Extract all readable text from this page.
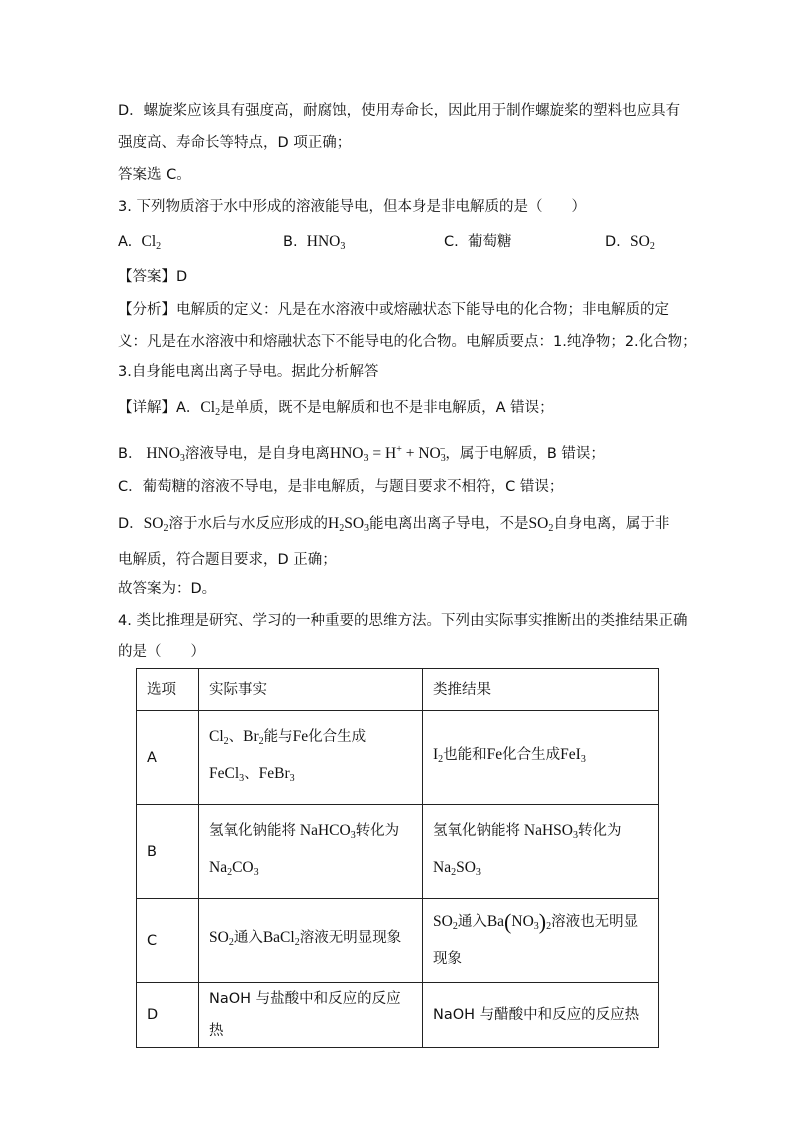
D．螺旋桨应该具有强度高，耐腐蚀，使用寿命长，因此用于制作螺旋桨的塑料也应具有
强度高、寿命长等特点，D 项正确；
答案选 C。
3. 下列物质溶于水中形成的溶液能导电，但本身是非电解质的是（　　）
A. $Cl_2$	B. $HNO_3$	C. 葡萄糖	D. $SO_2$
【答案】D
【分析】电解质的定义：凡是在水溶液中或熔融状态下能导电的化合物；非电解质的定
义：凡是在水溶液中和熔融状态下不能导电的化合物。电解质要点：1.纯净物；2.化合物；
3.自身能电离出离子导电。据此分析解答
【详解】A．$Cl_2$是单质，既不是电解质和也不是非电解质，A 错误；
B． $HNO_3$溶液导电，是自身电离$HNO_3 = H^+ + NO_3^-$，属于电解质，B 错误；
C．葡萄糖的溶液不导电，是非电解质，与题目要求不相符，C 错误；
D．$SO_2$溶于水后与水反应形成的$H_2SO_3$能电离出离子导电，不是$SO_2$自身电离，属于非
电解质，符合题目要求，D 正确；
故答案为：D。
4. 类比推理是研究、学习的一种重要的思维方法。下列由实际事实推断出的类推结果正确
的是（　　）
选项	实际事实	类推结果
A	$Cl_2$、$Br_2$能与Fe化合生成
FeCl$_3$、FeBr$_3$	$I_2$也能和Fe化合生成FeI$_3$

B	氢氧化钠能将 NaHCO$_3$转化为
$Na_2CO_3$	氢氧化钠能将 NaHSO$_3$转化为
$Na_2SO_3$

C	$SO_2$通入BaCl$_2$溶液无明显现象	$SO_2$通入$Ba(NO_3)_2$溶液也无明显
现象

D	NaOH 与盐酸中和反应的反应热	NaOH 与醋酸中和反应的反应热
